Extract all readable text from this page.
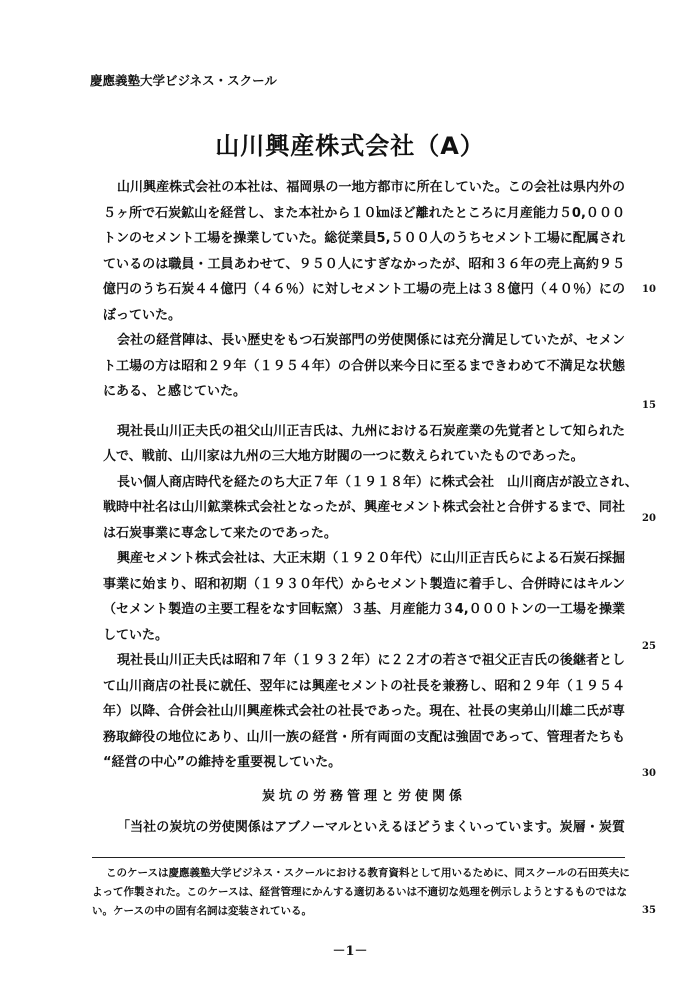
慶應義塾大学ビジネス・スクール
山川興産株式会社（A）
山川興産株式会社の本社は、福岡県の一地方都市に所在していた。この会社は県内外の
５ヶ所で石炭鉱山を経営し、また本社から１０㎞ほど離れたところに月産能力５0,０００
トンのセメント工場を操業していた。総従業員5,５００人のうちセメント工場に配属され
ているのは職員・工員あわせて、９５０人にすぎなかったが、昭和３６年の売上高約９５
億円のうち石炭４４億円（４６％）に対しセメント工場の売上は３８億円（４０％）にの
ぼっていた。
会社の経営陣は、長い歴史をもつ石炭部門の労使関係には充分満足していたが、セメン
ト工場の方は昭和２９年（１９５４年）の合併以来今日に至るまできわめて不満足な状態
にある、と感じていた。
現社長山川正夫氏の祖父山川正吉氏は、九州における石炭産業の先覚者として知られた
人で、戦前、山川家は九州の三大地方財閥の一つに数えられていたものであった。
長い個人商店時代を経たのち大正７年（１９１８年）に株式会社　山川商店が設立され、
戦時中社名は山川鉱業株式会社となったが、興産セメント株式会社と合併するまで、同社
は石炭事業に専念して来たのであった。
興産セメント株式会社は、大正末期（１９２０年代）に山川正吉氏らによる石炭石採掘
事業に始まり、昭和初期（１９３０年代）からセメント製造に着手し、合併時にはキルン
（セメント製造の主要工程をなす回転窯）３基、月産能力３4,０００トンの一工場を操業
していた。
現社長山川正夫氏は昭和７年（１９３２年）に２２才の若さで祖父正吉氏の後継者とし
て山川商店の社長に就任、翌年には興産セメントの社長を兼務し、昭和２９年（１９５４
年）以降、合併会社山川興産株式会社の社長であった。現在、社長の実弟山川雄二氏が専
務取締役の地位にあり、山川一族の経営・所有両面の支配は強固であって、管理者たちも
“経営の中心”の維持を重要視していた。
炭坑の労務管理と労使関係
「当社の炭坑の労使関係はアブノーマルといえるほどうまくいっています。炭層・炭質
このケースは慶應義塾大学ビジネス・スクールにおける教育資料として用いるために、同スクールの石田英夫に
よって作製された。このケースは、経営管理にかんする適切あるいは不適切な処理を例示しようとするものではな
い。ケースの中の固有名詞は変装されている。
10
15
20
25
30
35
－1－
